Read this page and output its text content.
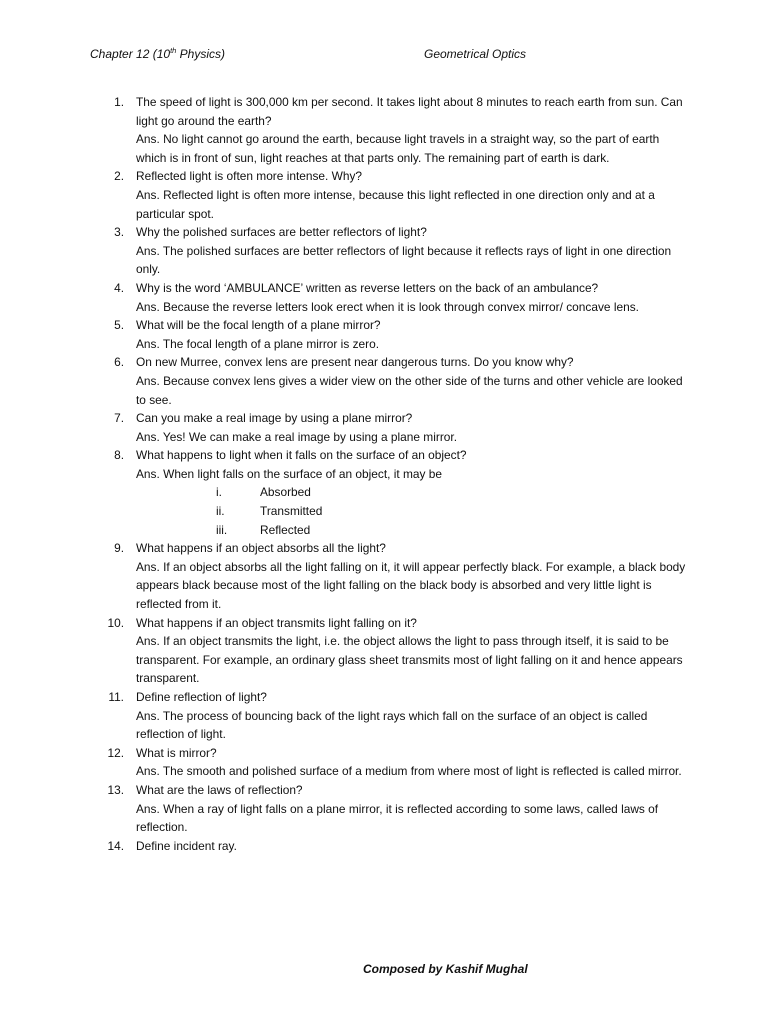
Chapter 12 (10th Physics)	Geometrical Optics
1. The speed of light is 300,000 km per second. It takes light about 8 minutes to reach earth from sun. Can light go around the earth?
Ans. No light cannot go around the earth, because light travels in a straight way, so the part of earth which is in front of sun, light reaches at that parts only. The remaining part of earth is dark.
2. Reflected light is often more intense. Why?
Ans. Reflected light is often more intense, because this light reflected in one direction only and at a particular spot.
3. Why the polished surfaces are better reflectors of light?
Ans. The polished surfaces are better reflectors of light because it reflects rays of light in one direction only.
4. Why is the word ‘AMBULANCE’ written as reverse letters on the back of an ambulance?
Ans. Because the reverse letters look erect when it is look through convex mirror/ concave lens.
5. What will be the focal length of a plane mirror?
Ans. The focal length of a plane mirror is zero.
6. On new Murree, convex lens are present near dangerous turns. Do you know why?
Ans. Because convex lens gives a wider view on the other side of the turns and other vehicle are looked to see.
7. Can you make a real image by using a plane mirror?
Ans. Yes! We can make a real image by using a plane mirror.
8. What happens to light when it falls on the surface of an object?
Ans. When light falls on the surface of an object, it may be
i.	Absorbed
ii.	Transmitted
iii.	Reflected
9. What happens if an object absorbs all the light?
Ans. If an object absorbs all the light falling on it, it will appear perfectly black. For example, a black body appears black because most of the light falling on the black body is absorbed and very little light is reflected from it.
10. What happens if an object transmits light falling on it?
Ans. If an object transmits the light, i.e. the object allows the light to pass through itself, it is said to be transparent. For example, an ordinary glass sheet transmits most of light falling on it and hence appears transparent.
11. Define reflection of light?
Ans. The process of bouncing back of the light rays which fall on the surface of an object is called reflection of light.
12. What is mirror?
Ans. The smooth and polished surface of a medium from where most of light is reflected is called mirror.
13. What are the laws of reflection?
Ans. When a ray of light falls on a plane mirror, it is reflected according to some laws, called laws of reflection.
14. Define incident ray.
Composed by Kashif Mughal
